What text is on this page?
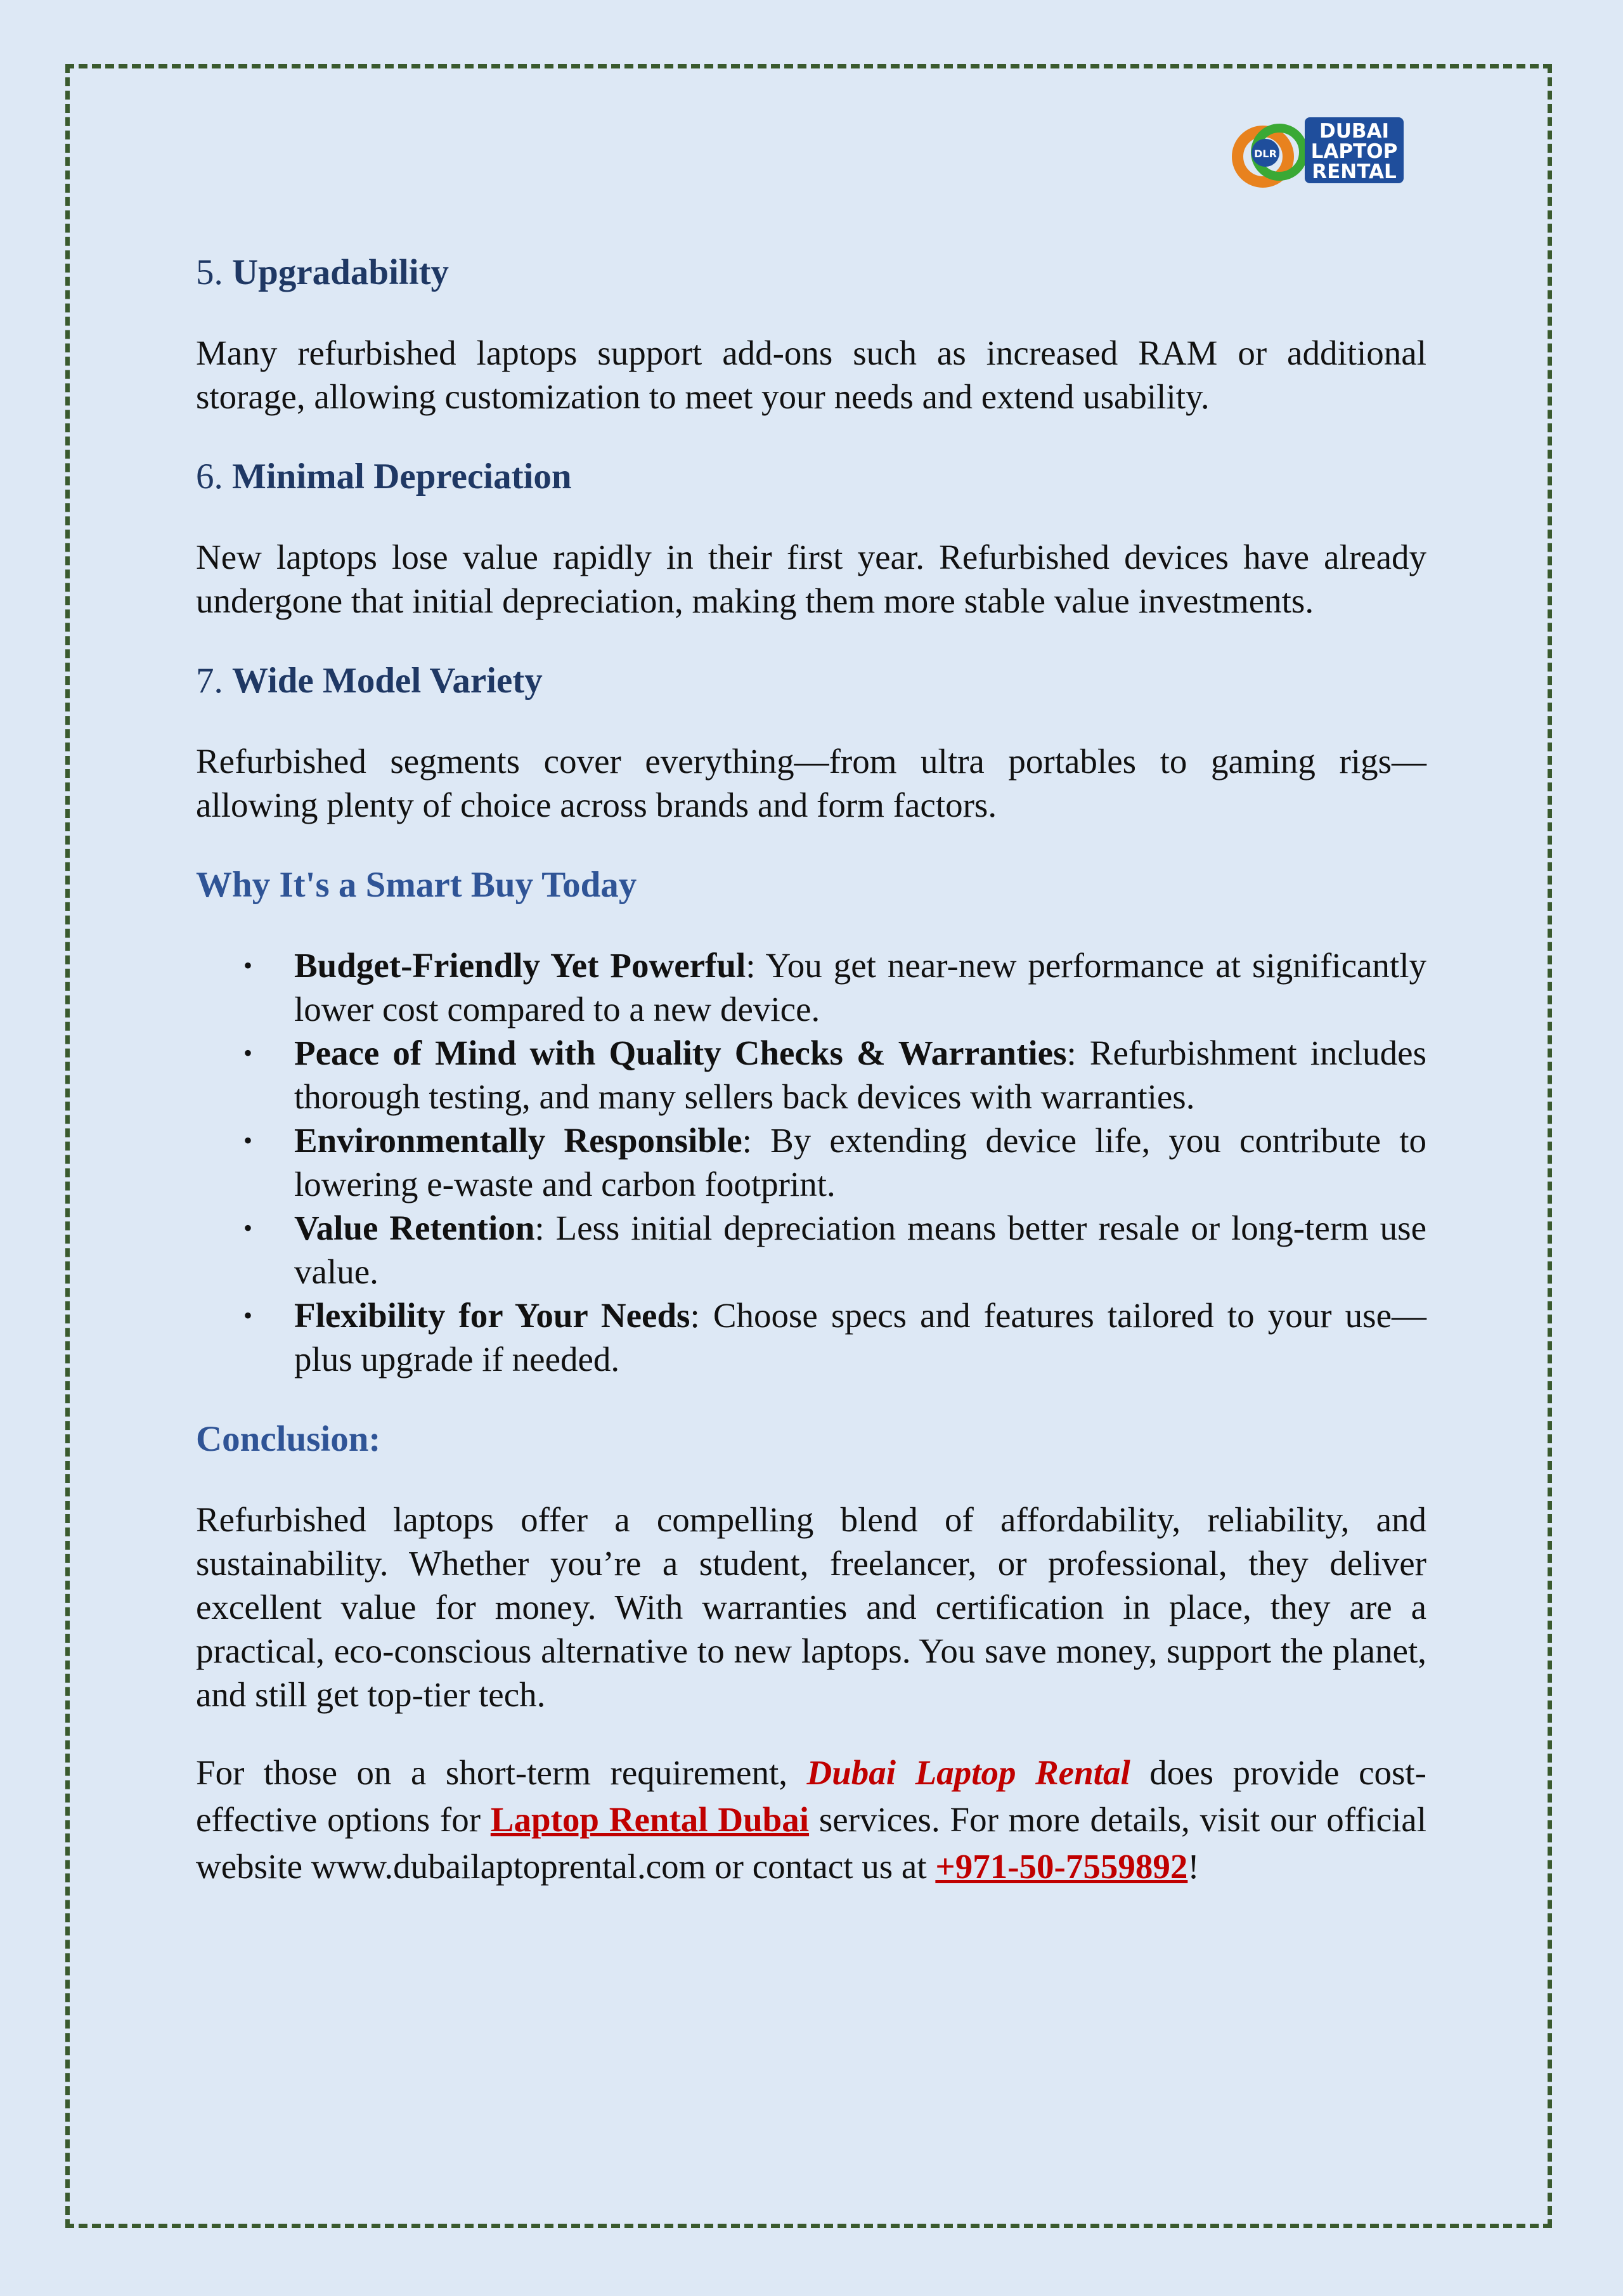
DLR
DUBAI
LAPTOP
RENTAL
5. Upgradability

Many refurbished laptops support add-ons such as increased RAM or additional storage, allowing customization to meet your needs and extend usability.

6. Minimal Depreciation

New laptops lose value rapidly in their first year. Refurbished devices have already undergone that initial depreciation, making them more stable value investments.

7. Wide Model Variety

Refurbished segments cover everything—from ultra portables to gaming rigs—allowing plenty of choice across brands and form factors.

Why It's a Smart Buy Today
• Budget-Friendly Yet Powerful: You get near-new performance at significantly lower cost compared to a new device.
• Peace of Mind with Quality Checks & Warranties: Refurbishment includes thorough testing, and many sellers back devices with warranties.
• Environmentally Responsible: By extending device life, you contribute to lowering e-waste and carbon footprint.
• Value Retention: Less initial depreciation means better resale or long-term use value.
• Flexibility for Your Needs: Choose specs and features tailored to your use—plus upgrade if needed.
Conclusion:

Refurbished laptops offer a compelling blend of affordability, reliability, and sustainability. Whether you’re a student, freelancer, or professional, they deliver excellent value for money. With warranties and certification in place, they are a practical, eco-conscious alternative to new laptops. You save money, support the planet, and still get top-tier tech.

For those on a short-term requirement, Dubai Laptop Rental does provide cost-effective options for Laptop Rental Dubai services. For more details, visit our official website www.dubailaptoprental.com or contact us at +971-50-7559892!
